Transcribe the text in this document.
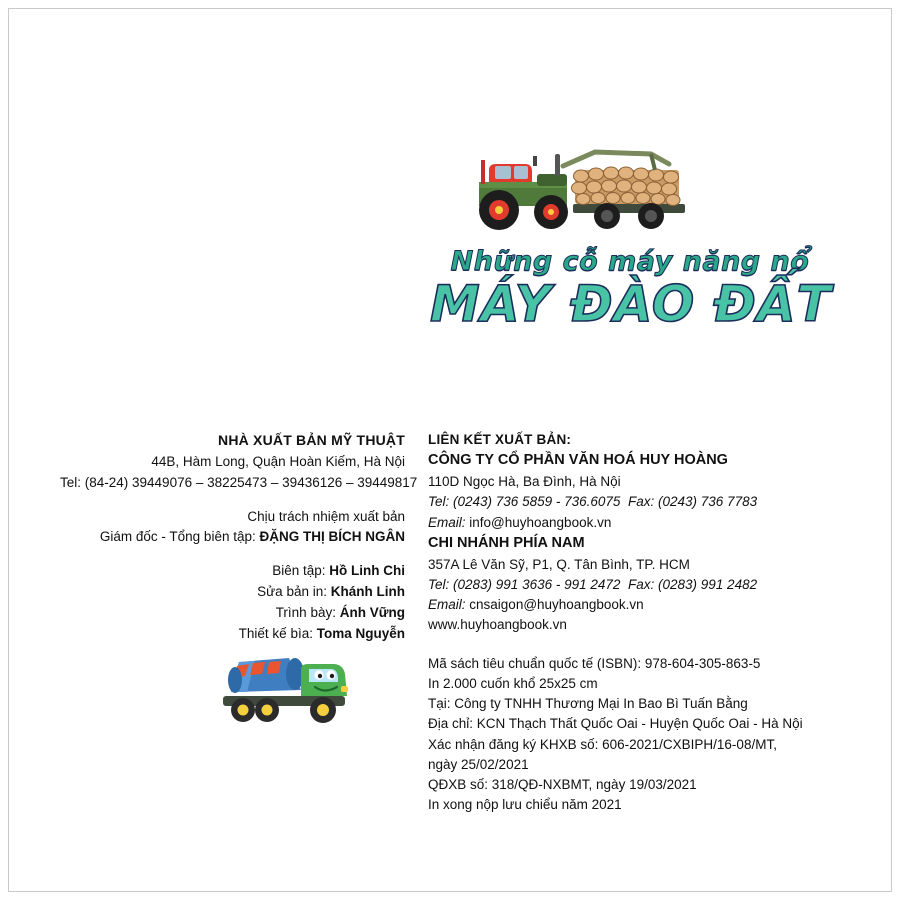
Những cỗ máy năng nổ
MÁY ĐÀO ĐẤT
NHÀ XUẤT BẢN MỸ THUẬT
44B, Hàm Long, Quận Hoàn Kiếm, Hà Nội
Tel: (84-24) 39449076 – 38225473 – 39436126 – 39449817
Chịu trách nhiệm xuất bản
Giám đốc - Tổng biên tập: ĐẶNG THỊ BÍCH NGÂN
Biên tập: Hồ Linh Chi
Sửa bản in: Khánh Linh
Trình bày: Ánh Vững
Thiết kế bìa: Toma Nguyễn
LIÊN KẾT XUẤT BẢN:
CÔNG TY CỔ PHẦN VĂN HOÁ HUY HOÀNG
110D Ngọc Hà, Ba Đình, Hà Nội
Tel: (0243) 736 5859 - 736.6075 Fax: (0243) 736 7783
Email: info@huyhoangbook.vn
CHI NHÁNH PHÍA NAM
357A Lê Văn Sỹ, P1, Q. Tân Bình, TP. HCM
Tel: (0283) 991 3636 - 991 2472 Fax: (0283) 991 2482
Email: cnsaigon@huyhoangbook.vn
www.huyhoangbook.vn
Mã sách tiêu chuẩn quốc tế (ISBN): 978-604-305-863-5
In 2.000 cuốn khổ 25x25 cm
Tại: Công ty TNHH Thương Mại In Bao Bì Tuấn Bằng
Địa chỉ: KCN Thạch Thất Quốc Oai - Huyện Quốc Oai - Hà Nội
Xác nhận đăng ký KHXB số: 606-2021/CXBIPH/16-08/MT,
ngày 25/02/2021
QĐXB số: 318/QĐ-NXBMT, ngày 19/03/2021
In xong nộp lưu chiểu năm 2021
